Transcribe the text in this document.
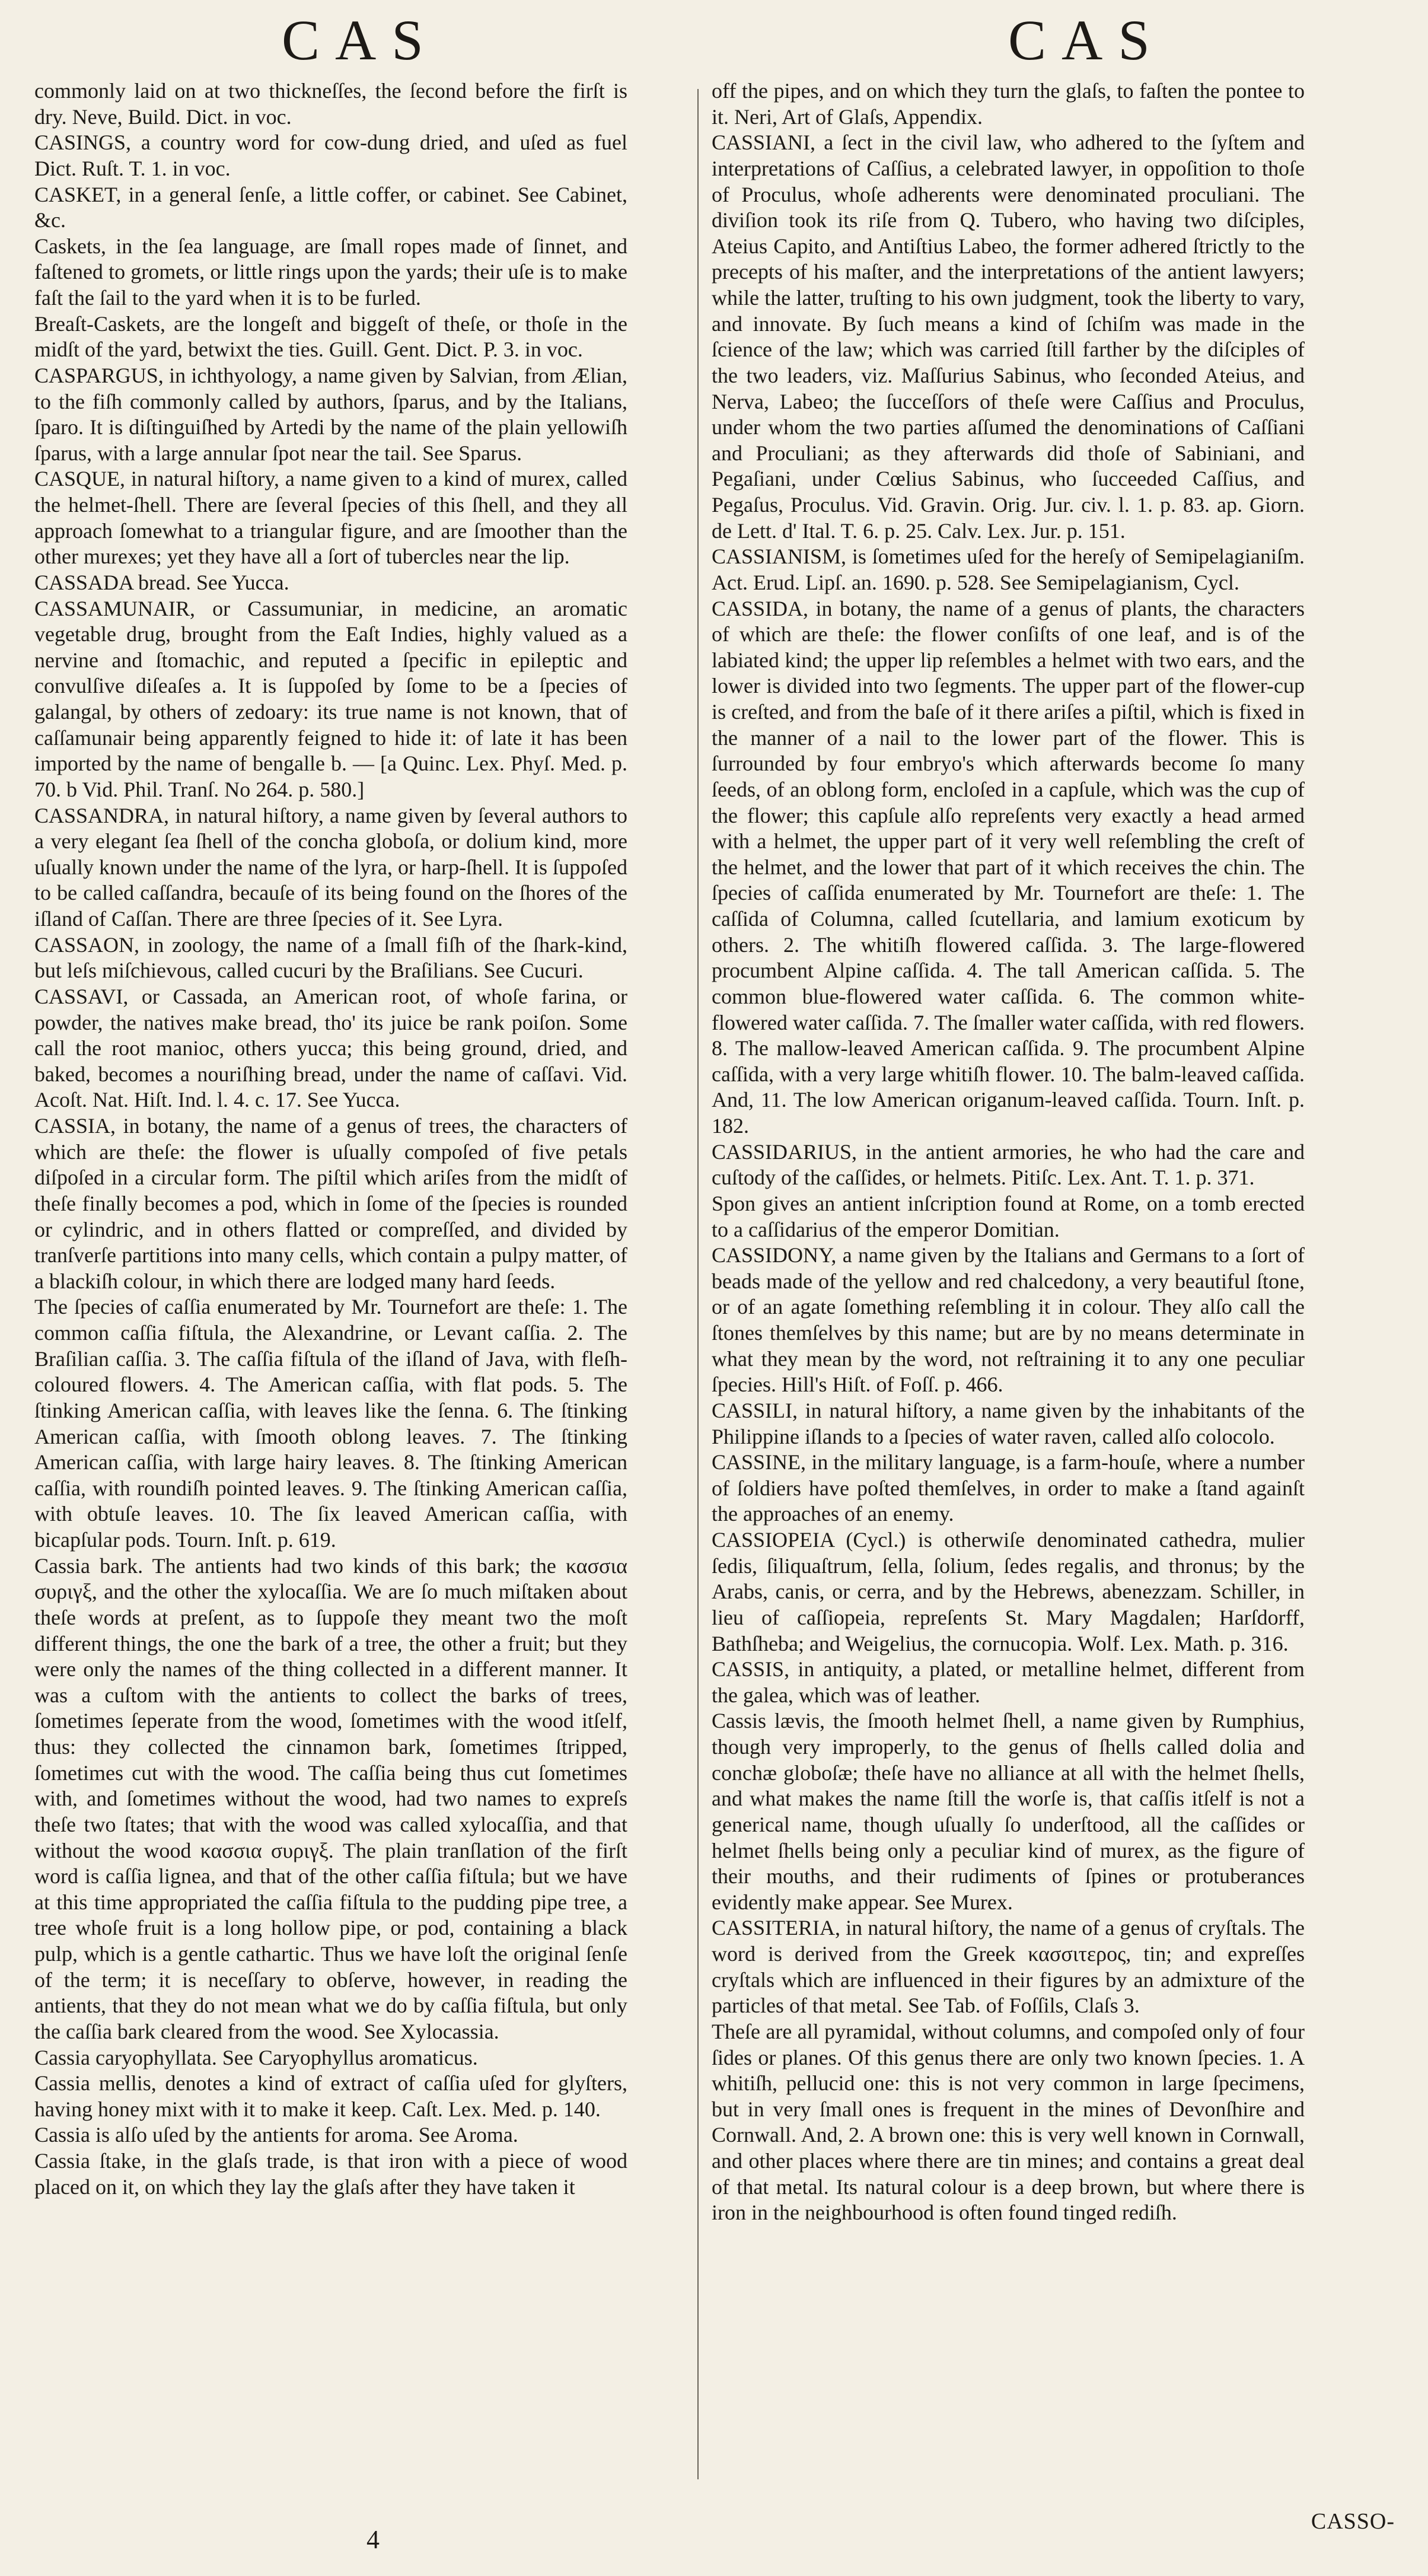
CAS	CAS

commonly laid on at two thickneſſes, the ſecond before the firſt is dry. Neve, Build. Dict. in voc.

CASINGS, a country word for cow-dung dried, and uſed as fuel Dict. Ruſt. T. 1. in voc.

CASKET, in a general ſenſe, a little coffer, or cabinet. See Cabinet, &c.

Caskets, in the ſea language, are ſmall ropes made of ſinnet, and faſtened to gromets, or little rings upon the yards; their uſe is to make faſt the ſail to the yard when it is to be furled.

Breaſt-Caskets, are the longeſt and biggeſt of theſe, or thoſe in the midſt of the yard, betwixt the ties. Guill. Gent. Dict. P. 3. in voc.

CASPARGUS, in ichthyology, a name given by Salvian, from Ælian, to the fiſh commonly called by authors, ſparus, and by the Italians, ſparo. It is diſtinguiſhed by Artedi by the name of the plain yellowiſh ſparus, with a large annular ſpot near the tail. See Sparus.

CASQUE, in natural hiſtory, a name given to a kind of murex, called the helmet-ſhell. There are ſeveral ſpecies of this ſhell, and they all approach ſomewhat to a triangular figure, and are ſmoother than the other murexes; yet they have all a ſort of tubercles near the lip.

CASSADA bread. See Yucca.

CASSAMUNAIR, or Cassumuniar, in medicine, an aromatic vegetable drug, brought from the Eaſt Indies, highly valued as a nervine and ſtomachic, and reputed a ſpecific in epileptic and convulſive diſeaſes a. It is ſuppoſed by ſome to be a ſpecies of galangal, by others of zedoary: its true name is not known, that of caſſamunair being apparently feigned to hide it: of late it has been imported by the name of bengalle b. — [a Quinc. Lex. Phyſ. Med. p. 70. b Vid. Phil. Tranſ. No 264. p. 580.]

CASSANDRA, in natural hiſtory, a name given by ſeveral authors to a very elegant ſea ſhell of the concha globoſa, or dolium kind, more uſually known under the name of the lyra, or harp-ſhell. It is ſuppoſed to be called caſſandra, becauſe of its being found on the ſhores of the iſland of Caſſan. There are three ſpecies of it. See Lyra.

CASSAON, in zoology, the name of a ſmall fiſh of the ſhark-kind, but leſs miſchievous, called cucuri by the Braſilians. See Cucuri.

CASSAVI, or Cassada, an American root, of whoſe farina, or powder, the natives make bread, tho' its juice be rank poiſon. Some call the root manioc, others yucca; this being ground, dried, and baked, becomes a nouriſhing bread, under the name of caſſavi. Vid. Acoſt. Nat. Hiſt. Ind. l. 4. c. 17. See Yucca.

CASSIA, in botany, the name of a genus of trees, the characters of which are theſe: the flower is uſually compoſed of five petals diſpoſed in a circular form. The piſtil which ariſes from the midſt of theſe finally becomes a pod, which in ſome of the ſpecies is rounded or cylindric, and in others flatted or compreſſed, and divided by tranſverſe partitions into many cells, which contain a pulpy matter, of a blackiſh colour, in which there are lodged many hard ſeeds.

The ſpecies of caſſia enumerated by Mr. Tournefort are theſe: 1. The common caſſia fiſtula, the Alexandrine, or Levant caſſia. 2. The Braſilian caſſia. 3. The caſſia fiſtula of the iſland of Java, with fleſh-coloured flowers. 4. The American caſſia, with flat pods. 5. The ſtinking American caſſia, with leaves like the ſenna. 6. The ſtinking American caſſia, with ſmooth oblong leaves. 7. The ſtinking American caſſia, with large hairy leaves. 8. The ſtinking American caſſia, with roundiſh pointed leaves. 9. The ſtinking American caſſia, with obtuſe leaves. 10. The ſix leaved American caſſia, with bicapſular pods. Tourn. Inſt. p. 619.

Cassia bark. The antients had two kinds of this bark; the κασσια συριγξ, and the other the xylocaſſia. We are ſo much miſtaken about theſe words at preſent, as to ſuppoſe they meant two the moſt different things, the one the bark of a tree, the other a fruit; but they were only the names of the thing collected in a different manner. It was a cuſtom with the antients to collect the barks of trees, ſometimes ſeperate from the wood, ſometimes with the wood itſelf, thus: they collected the cinnamon bark, ſometimes ſtripped, ſometimes cut with the wood. The caſſia being thus cut ſometimes with, and ſometimes without the wood, had two names to expreſs theſe two ſtates; that with the wood was called xylocaſſia, and that without the wood κασσια συριγξ. The plain tranſlation of the firſt word is caſſia lignea, and that of the other caſſia fiſtula; but we have at this time appropriated the caſſia fiſtula to the pudding pipe tree, a tree whoſe fruit is a long hollow pipe, or pod, containing a black pulp, which is a gentle cathartic. Thus we have loſt the original ſenſe of the term; it is neceſſary to obſerve, however, in reading the antients, that they do not mean what we do by caſſia fiſtula, but only the caſſia bark cleared from the wood. See Xylocassia.

Cassia caryophyllata. See Caryophyllus aromaticus.

Cassia mellis, denotes a kind of extract of caſſia uſed for glyſters, having honey mixt with it to make it keep. Caſt. Lex. Med. p. 140.

Cassia is alſo uſed by the antients for aroma. See Aroma.

Cassia ſtake, in the glaſs trade, is that iron with a piece of wood placed on it, on which they lay the glaſs after they have taken it

off the pipes, and on which they turn the glaſs, to faſten the pontee to it. Neri, Art of Glaſs, Appendix.

CASSIANI, a ſect in the civil law, who adhered to the ſyſtem and interpretations of Caſſius, a celebrated lawyer, in oppoſition to thoſe of Proculus, whoſe adherents were denominated proculiani. The diviſion took its riſe from Q. Tubero, who having two diſciples, Ateius Capito, and Antiſtius Labeo, the former adhered ſtrictly to the precepts of his maſter, and the interpretations of the antient lawyers; while the latter, truſting to his own judgment, took the liberty to vary, and innovate. By ſuch means a kind of ſchiſm was made in the ſcience of the law; which was carried ſtill farther by the diſciples of the two leaders, viz. Maſſurius Sabinus, who ſeconded Ateius, and Nerva, Labeo; the ſucceſſors of theſe were Caſſius and Proculus, under whom the two parties aſſumed the denominations of Caſſiani and Proculiani; as they afterwards did thoſe of Sabiniani, and Pegaſiani, under Cœlius Sabinus, who ſucceeded Caſſius, and Pegaſus, Proculus. Vid. Gravin. Orig. Jur. civ. l. 1. p. 83. ap. Giorn. de Lett. d' Ital. T. 6. p. 25. Calv. Lex. Jur. p. 151.

CASSIANISM, is ſometimes uſed for the hereſy of Semipelagianiſm. Act. Erud. Lipſ. an. 1690. p. 528. See Semipelagianism, Cycl.

CASSIDA, in botany, the name of a genus of plants, the characters of which are theſe: the flower conſiſts of one leaf, and is of the labiated kind; the upper lip reſembles a helmet with two ears, and the lower is divided into two ſegments. The upper part of the flower-cup is creſted, and from the baſe of it there ariſes a piſtil, which is fixed in the manner of a nail to the lower part of the flower. This is ſurrounded by four embryo's which afterwards become ſo many ſeeds, of an oblong form, encloſed in a capſule, which was the cup of the flower; this capſule alſo repreſents very exactly a head armed with a helmet, the upper part of it very well reſembling the creſt of the helmet, and the lower that part of it which receives the chin. The ſpecies of caſſida enumerated by Mr. Tournefort are theſe: 1. The caſſida of Columna, called ſcutellaria, and lamium exoticum by others. 2. The whitiſh flowered caſſida. 3. The large-flowered procumbent Alpine caſſida. 4. The tall American caſſida. 5. The common blue-flowered water caſſida. 6. The common white-flowered water caſſida. 7. The ſmaller water caſſida, with red flowers. 8. The mallow-leaved American caſſida. 9. The procumbent Alpine caſſida, with a very large whitiſh flower. 10. The balm-leaved caſſida. And, 11. The low American origanum-leaved caſſida. Tourn. Inſt. p. 182.

CASSIDARIUS, in the antient armories, he who had the care and cuſtody of the caſſides, or helmets. Pitiſc. Lex. Ant. T. 1. p. 371.

Spon gives an antient inſcription found at Rome, on a tomb erected to a caſſidarius of the emperor Domitian.

CASSIDONY, a name given by the Italians and Germans to a ſort of beads made of the yellow and red chalcedony, a very beautiful ſtone, or of an agate ſomething reſembling it in colour. They alſo call the ſtones themſelves by this name; but are by no means determinate in what they mean by the word, not reſtraining it to any one peculiar ſpecies. Hill's Hiſt. of Foſſ. p. 466.

CASSILI, in natural hiſtory, a name given by the inhabitants of the Philippine iſlands to a ſpecies of water raven, called alſo colocolo.

CASSINE, in the military language, is a farm-houſe, where a number of ſoldiers have poſted themſelves, in order to make a ſtand againſt the approaches of an enemy.

CASSIOPEIA (Cycl.) is otherwiſe denominated cathedra, mulier ſedis, ſiliquaſtrum, ſella, ſolium, ſedes regalis, and thronus; by the Arabs, canis, or cerra, and by the Hebrews, abenezzam. Schiller, in lieu of caſſiopeia, repreſents St. Mary Magdalen; Harſdorff, Bathſheba; and Weigelius, the cornucopia. Wolf. Lex. Math. p. 316.

CASSIS, in antiquity, a plated, or metalline helmet, different from the galea, which was of leather.

Cassis lævis, the ſmooth helmet ſhell, a name given by Rumphius, though very improperly, to the genus of ſhells called dolia and conchæ globoſæ; theſe have no alliance at all with the helmet ſhells, and what makes the name ſtill the worſe is, that caſſis itſelf is not a generical name, though uſually ſo underſtood, all the caſſides or helmet ſhells being only a peculiar kind of murex, as the figure of their mouths, and their rudiments of ſpines or protuberances evidently make appear. See Murex.

CASSITERIA, in natural hiſtory, the name of a genus of cryſtals. The word is derived from the Greek κασσιτερος, tin; and expreſſes cryſtals which are influenced in their figures by an admixture of the particles of that metal. See Tab. of Foſſils, Claſs 3.

Theſe are all pyramidal, without columns, and compoſed only of four ſides or planes. Of this genus there are only two known ſpecies. 1. A whitiſh, pellucid one: this is not very common in large ſpecimens, but in very ſmall ones is frequent in the mines of Devonſhire and Cornwall. And, 2. A brown one: this is very well known in Cornwall, and other places where there are tin mines; and contains a great deal of that metal. Its natural colour is a deep brown, but where there is iron in the neighbourhood is often found tinged rediſh.

4
CASSO-
